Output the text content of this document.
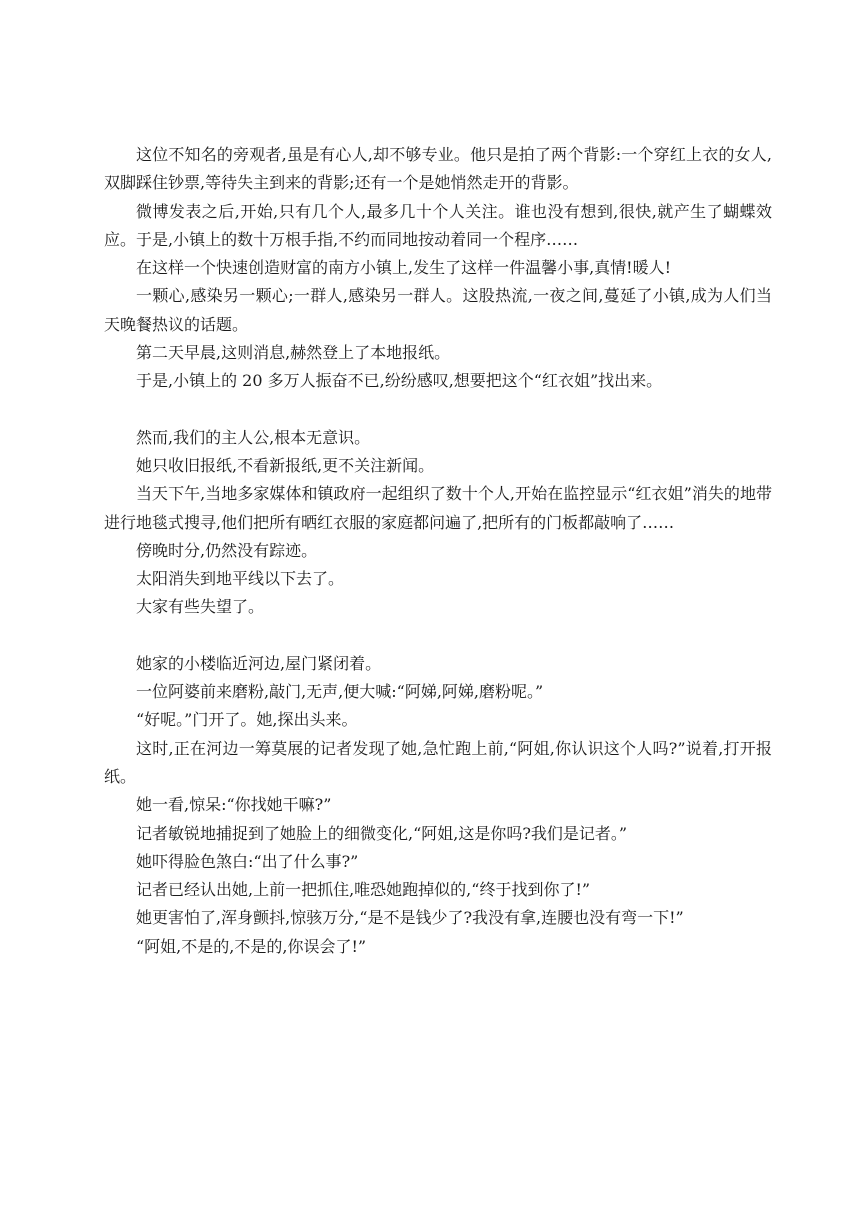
这位不知名的旁观者,虽是有心人,却不够专业。他只是拍了两个背影:一个穿红上衣的女人,双脚踩住钞票,等待失主到来的背影;还有一个是她悄然走开的背影。

微博发表之后,开始,只有几个人,最多几十个人关注。谁也没有想到,很快,就产生了蝴蝶效应。于是,小镇上的数十万根手指,不约而同地按动着同一个程序……

在这样一个快速创造财富的南方小镇上,发生了这样一件温馨小事,真情!暖人!

一颗心,感染另一颗心;一群人,感染另一群人。这股热流,一夜之间,蔓延了小镇,成为人们当天晚餐热议的话题。

第二天早晨,这则消息,赫然登上了本地报纸。

于是,小镇上的 20 多万人振奋不已,纷纷感叹,想要把这个“红衣姐”找出来。

然而,我们的主人公,根本无意识。

她只收旧报纸,不看新报纸,更不关注新闻。

当天下午,当地多家媒体和镇政府一起组织了数十个人,开始在监控显示“红衣姐”消失的地带进行地毯式搜寻,他们把所有晒红衣服的家庭都问遍了,把所有的门板都敲响了……

傍晚时分,仍然没有踪迹。

太阳消失到地平线以下去了。

大家有些失望了。

她家的小楼临近河边,屋门紧闭着。

一位阿婆前来磨粉,敲门,无声,便大喊:“阿娣,阿娣,磨粉呢。”

“好呢。”门开了。她,探出头来。

这时,正在河边一筹莫展的记者发现了她,急忙跑上前,“阿姐,你认识这个人吗?”说着,打开报纸。

她一看,惊呆:“你找她干嘛?”

记者敏锐地捕捉到了她脸上的细微变化,“阿姐,这是你吗?我们是记者。”

她吓得脸色煞白:“出了什么事?”

记者已经认出她,上前一把抓住,唯恐她跑掉似的,“终于找到你了!”

她更害怕了,浑身颤抖,惊骇万分,“是不是钱少了?我没有拿,连腰也没有弯一下!”

“阿姐,不是的,不是的,你误会了!”
